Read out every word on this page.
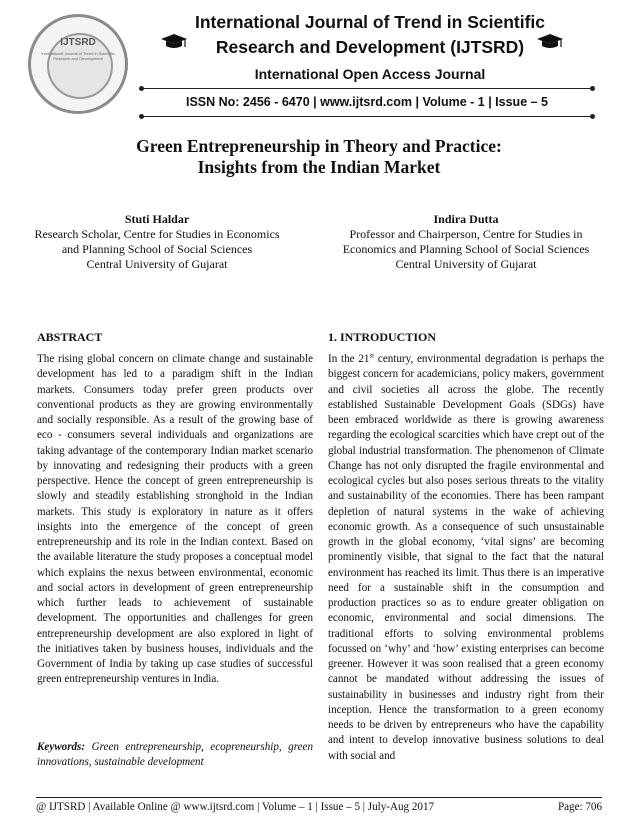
IJTSRD
International Journal of Trend in Scientific Research and Development
International Journal of Trend in Scientific
Research and Development (IJTSRD)
International Open Access Journal
ISSN No: 2456 - 6470 | www.ijtsrd.com | Volume - 1 | Issue – 5
Green Entrepreneurship in Theory and Practice:
Insights from the Indian Market
Stuti Haldar
Research Scholar, Centre for Studies in Economics
and Planning School of Social Sciences
Central University of Gujarat
Indira Dutta
Professor and Chairperson, Centre for Studies in
Economics and Planning School of Social Sciences
Central University of Gujarat
ABSTRACT
The rising global concern on climate change and sustainable development has led to a paradigm shift in the Indian markets. Consumers today prefer green products over conventional products as they are growing environmentally and socially responsible. As a result of the growing base of eco - consumers several individuals and organizations are taking advantage of the contemporary Indian market scenario by innovating and redesigning their products with a green perspective. Hence the concept of green entrepreneurship is slowly and steadily establishing stronghold in the Indian markets. This study is exploratory in nature as it offers insights into the emergence of the concept of green entrepreneurship and its role in the Indian context. Based on the available literature the study proposes a conceptual model which explains the nexus between environmental, economic and social actors in development of green entrepreneurship which further leads to achievement of sustainable development. The opportunities and challenges for green entrepreneurship development are also explored in light of the initiatives taken by business houses, individuals and the Government of India by taking up case studies of successful green entrepreneurship ventures in India.
Keywords: Green entrepreneurship, ecopreneurship, green innovations, sustainable development
1. INTRODUCTION
In the 21st century, environmental degradation is perhaps the biggest concern for academicians, policy makers, government and civil societies all across the globe. The recently established Sustainable Development Goals (SDGs) have been embraced worldwide as there is growing awareness regarding the ecological scarcities which have crept out of the global industrial transformation. The phenomenon of Climate Change has not only disrupted the fragile environmental and ecological cycles but also poses serious threats to the vitality and sustainability of the economies. There has been rampant depletion of natural systems in the wake of achieving economic growth. As a consequence of such unsustainable growth in the global economy, ‘vital signs’ are becoming prominently visible, that signal to the fact that the natural environment has reached its limit. Thus there is an imperative need for a sustainable shift in the consumption and production practices so as to endure greater obligation on economic, environmental and social dimensions. The traditional efforts to solving environmental problems focussed on ‘why’ and ‘how’ existing enterprises can become greener. However it was soon realised that a green economy cannot be mandated without addressing the issues of sustainability in businesses and industry right from their inception. Hence the transformation to a green economy needs to be driven by entrepreneurs who have the capability and intent to develop innovative business solutions to deal with social and
@ IJTSRD | Available Online @ www.ijtsrd.com | Volume – 1 | Issue – 5 | July-Aug 2017	Page: 706
